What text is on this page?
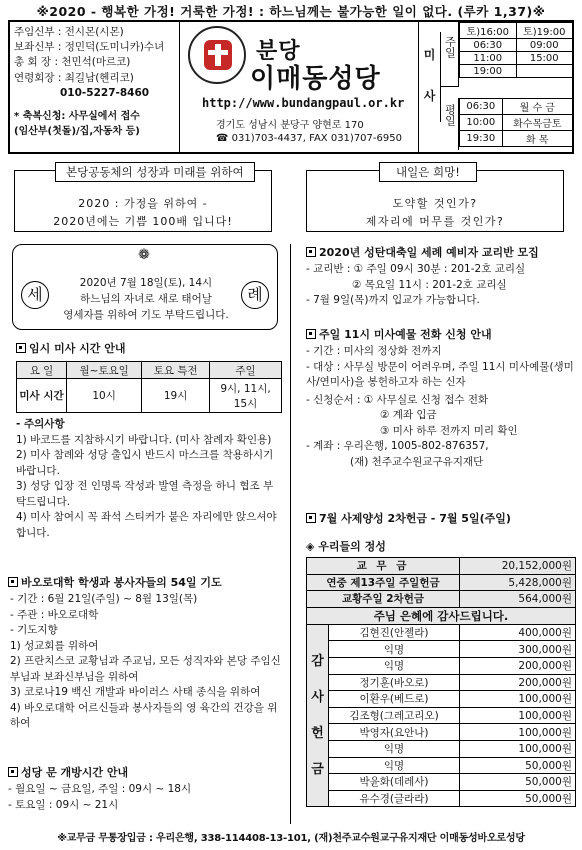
※2020 - 행복한 가정! 거룩한 가정! : 하느님께는 불가능한 일이 없다. (루카 1,37)※
주임신부 : 전시몬(시몬)
보좌신부 : 정민덕(도미니카)수녀
총 회 장 : 천민석(마르코)
연령회장 : 최길남(헨리코)
010-5227-8460
* 축복신청: 사무실에서 접수
(임산부(첫돌)/집,자동차 등)
분당
이매동성당
http://www.bundangpaul.or.kr
경기도 성남시 분당구 양현로 170
☎ 031)703-4437, FAX 031)707-6950
미
사
주일
토)16:00	토)19:00
06:30	09:00
11:00	15:00
19:00	
평일 06:30	월 수 금
10:00	화수목금토
19:30	화 목
본당공동체의 성장과 미래를 위하여
2020 : 가정을 위하여 -
2020년에는 기쁨 100배 입니다!
내일은 희망!
도약할 것인가?
제자리에 머무를 것인가?
❁
세	례
2020년 7월 18일(토), 14시
하느님의 자녀로 새로 태어날
영세자를 위하여 기도 부탁드립니다.
임시 미사 시간 안내
요 일	월~토요일	토요 특전	주일
미사 시간	10시	19시	9시, 11시, 15시
- 주의사항
1) 바코드를 지참하시기 바랍니다. (미사 참례자 확인용)
2) 미사 참례와 성당 출입시 반드시 마스크를 착용하시기 바랍니다.
3) 성당 입장 전 인명록 작성과 발열 측정을 하니 협조 부탁드립니다.
4) 미사 참여시 꼭 좌석 스티커가 붙은 자리에만 앉으셔야 합니다.
바오로대학 학생과 봉사자들의 54일 기도
- 기간 : 6월 21일(주일) ~ 8월 13일(목)
- 주관 : 바오로대학
- 기도지향
1) 성교회를 위하여
2) 프란치스코 교황님과 주교님, 모든 성직자와 본당 주임신부님과 보좌신부님을 위하여
3) 코로나19 백신 개발과 바이러스 사태 종식을 위하여
4) 바오로대학 어르신들과 봉사자들의 영 육간의 건강을 위하여
성당 문 개방시간 안내
- 월요일 ~ 금요일, 주일 : 09시 ~ 18시
- 토요일 : 09시 ~ 21시
2020년 성탄대축일 세례 예비자 교리반 모집
- 교리반 : ① 주일 09시 30분 : 201-2호 교리실
② 목요일 11시 : 201-2호 교리실
- 7월 9일(목)까지 입교가 가능합니다.
주일 11시 미사예물 전화 신청 안내
- 기간 : 미사의 정상화 전까지
- 대상 : 사무실 방문이 어려우며, 주일 11시 미사예물(생미사/연미사)을 봉헌하고자 하는 신자
- 신청순서 : ① 사무실로 신청 접수 전화
② 계좌 입금
③ 미사 하루 전까지 미리 확인
- 계좌 : 우리은행, 1005-802-876357,
(재) 천주교수원교구유지재단
7월 사제양성 2차헌금 - 7월 5일(주일)
◈ 우리들의 정성
교 무 금		20,152,000원
연중 제13주일 주일헌금		5,428,000원
교황주일 2차헌금		564,000원
주님 은혜에 감사드립니다.		

감
사
헌
금	김현진(안젤라)	400,000원
	익명	300,000원
	익명	200,000원
	정기훈(바오로)	200,000원
	이환우(베드로)	100,000원
	김조형(그레고리오)	100,000원
	박영자(요안나)	100,000원
	익명	100,000원
	익명	50,000원
	박윤화(데레사)	50,000원
	유수경(글라라)	50,000원
※교무금 무통장입금 : 우리은행, 338-114408-13-101, (재)천주교수원교구유지재단 이매동성바오로성당
